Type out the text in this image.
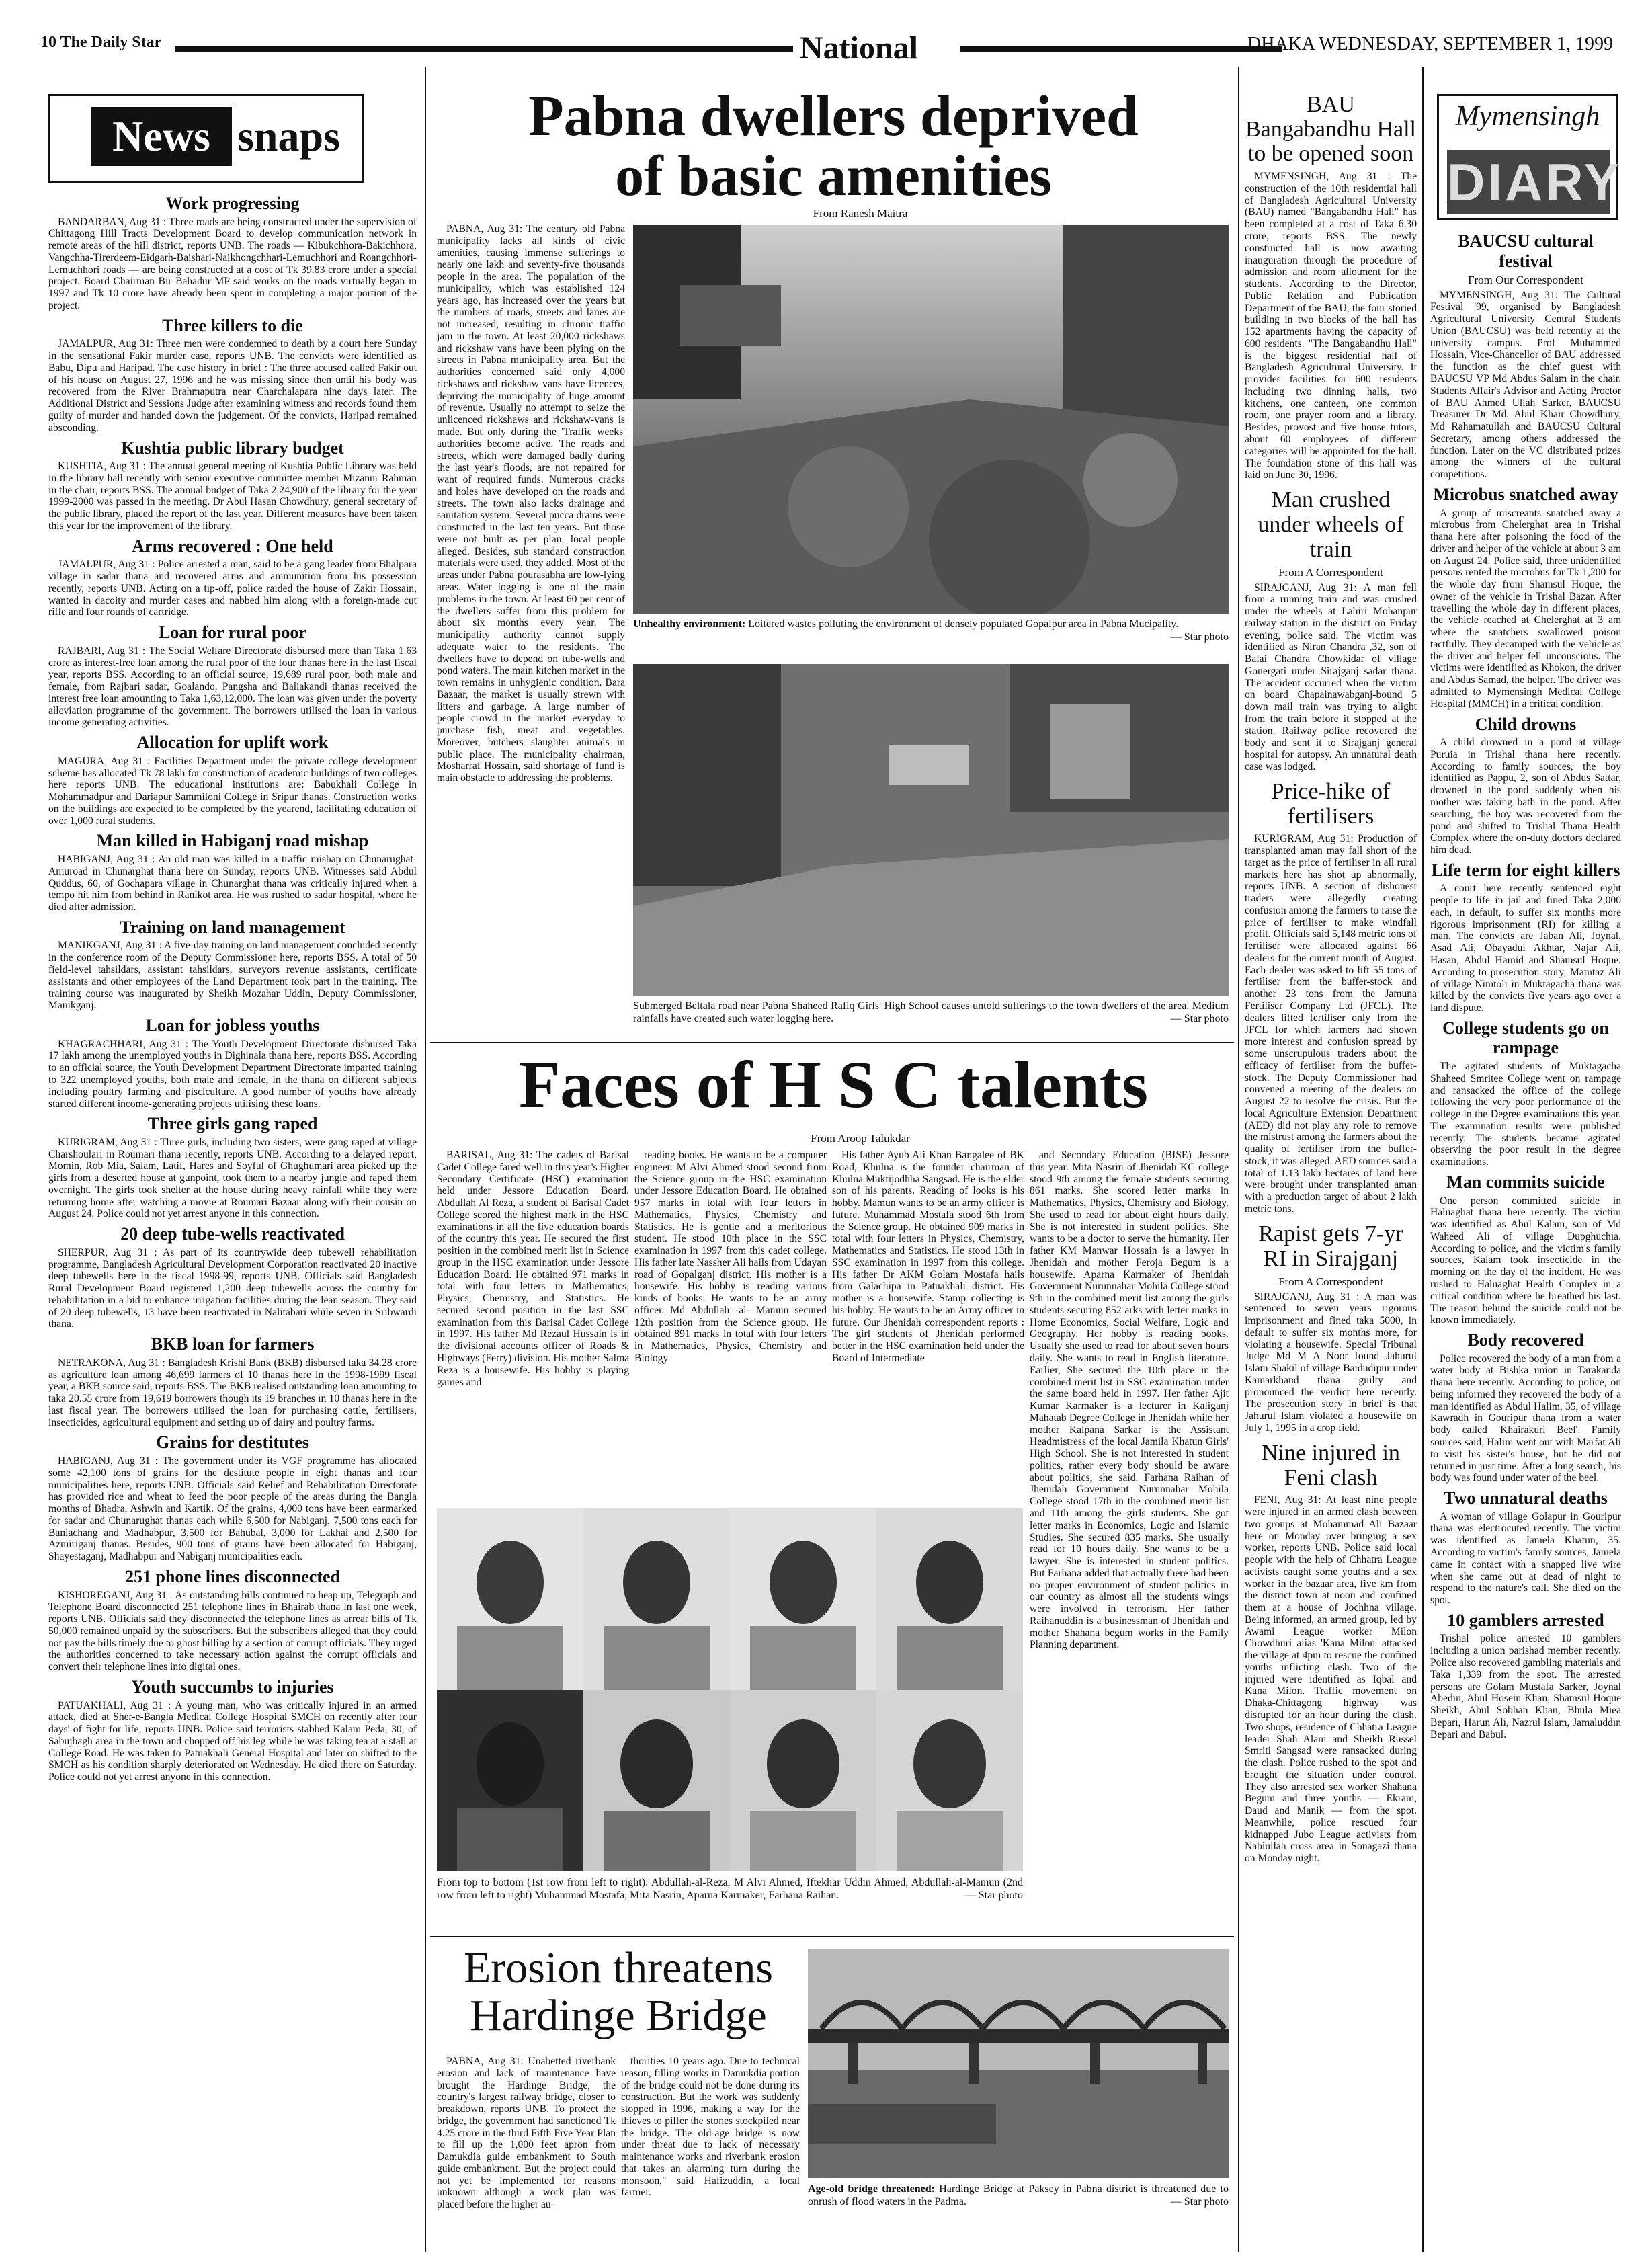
10 The Daily Star	National	DHAKA WEDNESDAY, SEPTEMBER 1, 1999
News snaps
Work progressing

BANDARBAN, Aug 31 : Three roads are being constructed under the supervision of Chittagong Hill Tracts Development Board to develop communication network in remote areas of the hill district, reports UNB. The roads — Kibukchhora-Bakichhora, Vangchha-Tirerdeem-Eidgarh-Baishari-Naikhongchhari-Lemuchhori and Roangchhori-Lemuchhori roads — are being constructed at a cost of Tk 39.83 crore under a special project. Board Chairman Bir Bahadur MP said works on the roads virtually began in 1997 and Tk 10 crore have already been spent in completing a major portion of the project.

Three killers to die

JAMALPUR, Aug 31: Three men were condemned to death by a court here Sunday in the sensational Fakir murder case, reports UNB. The convicts were identified as Babu, Dipu and Haripad. The case history in brief : The three accused called Fakir out of his house on August 27, 1996 and he was missing since then until his body was recovered from the River Brahmaputra near Charchalapara nine days later. The Additional District and Sessions Judge after examining witness and records found them guilty of murder and handed down the judgement. Of the convicts, Haripad remained absconding.

Kushtia public library budget

KUSHTIA, Aug 31 : The annual general meeting of Kushtia Public Library was held in the library hall recently with senior executive committee member Mizanur Rahman in the chair, reports BSS. The annual budget of Taka 2,24,900 of the library for the year 1999-2000 was passed in the meeting. Dr Abul Hasan Chowdhury, general secretary of the public library, placed the report of the last year. Different measures have been taken this year for the improvement of the library.

Arms recovered : One held

JAMALPUR, Aug 31 : Police arrested a man, said to be a gang leader from Bhalpara village in sadar thana and recovered arms and ammunition from his possession recently, reports UNB. Acting on a tip-off, police raided the house of Zakir Hossain, wanted in dacoity and murder cases and nabbed him along with a foreign-made cut rifle and four rounds of cartridge.

Loan for rural poor

RAJBARI, Aug 31 : The Social Welfare Directorate disbursed more than Taka 1.63 crore as interest-free loan among the rural poor of the four thanas here in the last fiscal year, reports BSS. According to an official source, 19,689 rural poor, both male and female, from Rajbari sadar, Goalando, Pangsha and Baliakandi thanas received the interest free loan amounting to Taka 1,63,12,000. The loan was given under the poverty alleviation programme of the government. The borrowers utilised the loan in various income generating activities.

Allocation for uplift work

MAGURA, Aug 31 : Facilities Department under the private college development scheme has allocated Tk 78 lakh for construction of academic buildings of two colleges here reports UNB. The educational institutions are: Babukhali College in Mohammadpur and Dariapur Sammiloni College in Sripur thanas. Construction works on the buildings are expected to be completed by the yearend, facilitating education of over 1,000 rural students.

Man killed in Habiganj road mishap

HABIGANJ, Aug 31 : An old man was killed in a traffic mishap on Chunarughat-Amuroad in Chunarghat thana here on Sunday, reports UNB. Witnesses said Abdul Quddus, 60, of Gochapara village in Chunarghat thana was critically injured when a tempo hit him from behind in Ranikot area. He was rushed to sadar hospital, where he died after admission.

Training on land management

MANIKGANJ, Aug 31 : A five-day training on land management concluded recently in the conference room of the Deputy Commissioner here, reports BSS. A total of 50 field-level tahsildars, assistant tahsildars, surveyors revenue assistants, certificate assistants and other employees of the Land Department took part in the training. The training course was inaugurated by Sheikh Mozahar Uddin, Deputy Commissioner, Manikganj.

Loan for jobless youths

KHAGRACHHARI, Aug 31 : The Youth Development Directorate disbursed Taka 17 lakh among the unemployed youths in Dighinala thana here, reports BSS. According to an official source, the Youth Development Department Directorate imparted training to 322 unemployed youths, both male and female, in the thana on different subjects including poultry farming and pisciculture. A good number of youths have already started different income-generating projects utilising these loans.

Three girls gang raped

KURIGRAM, Aug 31 : Three girls, including two sisters, were gang raped at village Charshoulari in Roumari thana recently, reports UNB. According to a delayed report, Momin, Rob Mia, Salam, Latif, Hares and Soyful of Ghughumari area picked up the girls from a deserted house at gunpoint, took them to a nearby jungle and raped them overnight. The girls took shelter at the house during heavy rainfall while they were returning home after watching a movie at Roumari Bazaar along with their cousin on August 24. Police could not yet arrest anyone in this connection.

20 deep tube-wells reactivated

SHERPUR, Aug 31 : As part of its countrywide deep tubewell rehabilitation programme, Bangladesh Agricultural Development Corporation reactivated 20 inactive deep tubewells here in the fiscal 1998-99, reports UNB. Officials said Bangladesh Rural Development Board registered 1,200 deep tubewells across the country for rehabilitation in a bid to enhance irrigation facilities during the lean season. They said of 20 deep tubewells, 13 have been reactivated in Nalitabari while seven in Sribwardi thana.

BKB loan for farmers

NETRAKONA, Aug 31 : Bangladesh Krishi Bank (BKB) disbursed taka 34.28 crore as agriculture loan among 46,699 farmers of 10 thanas here in the 1998-1999 fiscal year, a BKB source said, reports BSS. The BKB realised outstanding loan amounting to taka 20.55 crore from 19,619 borrowers though its 19 branches in 10 thanas here in the last fiscal year. The borrowers utilised the loan for purchasing cattle, fertilisers, insecticides, agricultural equipment and setting up of dairy and poultry farms.

Grains for destitutes

HABIGANJ, Aug 31 : The government under its VGF programme has allocated some 42,100 tons of grains for the destitute people in eight thanas and four municipalities here, reports UNB. Officials said Relief and Rehabilitation Directorate has provided rice and wheat to feed the poor people of the areas during the Bangla months of Bhadra, Ashwin and Kartik. Of the grains, 4,000 tons have been earmarked for sadar and Chunarughat thanas each while 6,500 for Nabiganj, 7,500 tons each for Baniachang and Madhabpur, 3,500 for Bahubal, 3,000 for Lakhai and 2,500 for Azmiriganj thanas. Besides, 900 tons of grains have been allocated for Habiganj, Shayestaganj, Madhabpur and Nabiganj municipalities each.

251 phone lines disconnected

KISHOREGANJ, Aug 31 : As outstanding bills continued to heap up, Telegraph and Telephone Board disconnected 251 telephone lines in Bhairab thana in last one week, reports UNB. Officials said they disconnected the telephone lines as arrear bills of Tk 50,000 remained unpaid by the subscribers. But the subscribers alleged that they could not pay the bills timely due to ghost billing by a section of corrupt officials. They urged the authorities concerned to take necessary action against the corrupt officials and convert their telephone lines into digital ones.

Youth succumbs to injuries

PATUAKHALI, Aug 31 : A young man, who was critically injured in an armed attack, died at Sher-e-Bangla Medical College Hospital SMCH on recently after four days' of fight for life, reports UNB. Police said terrorists stabbed Kalam Peda, 30, of Sabujbagh area in the town and chopped off his leg while he was taking tea at a stall at College Road. He was taken to Patuakhali General Hospital and later on shifted to the SMCH as his condition sharply deteriorated on Wednesday. He died there on Saturday. Police could not yet arrest anyone in this connection.

Pabna dwellers deprived
of basic amenities
From Ranesh Maitra

PABNA, Aug 31: The century old Pabna municipality lacks all kinds of civic amenities, causing immense sufferings to nearly one lakh and seventy-five thousands people in the area. The population of the municipality, which was established 124 years ago, has increased over the years but the numbers of roads, streets and lanes are not increased, resulting in chronic traffic jam in the town. At least 20,000 rickshaws and rickshaw vans have been plying on the streets in Pabna municipality area. But the authorities concerned said only 4,000 rickshaws and rickshaw vans have licences, depriving the municipality of huge amount of revenue. Usually no attempt to seize the unlicenced rickshaws and rickshaw-vans is made. But only during the 'Traffic weeks' authorities become active. The roads and streets, which were damaged badly during the last year's floods, are not repaired for want of required funds. Numerous cracks and holes have developed on the roads and streets. The town also lacks drainage and sanitation system. Several pucca drains were constructed in the last ten years. But those were not built as per plan, local people alleged. Besides, sub standard construction materials were used, they added. Most of the areas under Pabna pourasabha are low-lying areas. Water logging is one of the main problems in the town. At least 60 per cent of the dwellers suffer from this problem for about six months every year. The municipality authority cannot supply adequate water to the residents. The dwellers have to depend on tube-wells and pond waters. The main kitchen market in the town remains in unhygienic condition. Bara Bazaar, the market is usually strewn with litters and garbage. A large number of people crowd in the market everyday to purchase fish, meat and vegetables. Moreover, butchers slaughter animals in public place. The municipality chairman, Mosharraf Hossain, said shortage of fund is main obstacle to addressing the problems.

Unhealthy environment: Loitered wastes polluting the environment of densely populated Gopalpur area in Pabna Mucipality.
— Star photo
Submerged Beltala road near Pabna Shaheed Rafiq Girls' High School causes untold sufferings to the town dwellers of the area. Medium rainfalls have created such water logging here.	— Star photo
Faces of H S C talents
From Aroop Talukdar

BARISAL, Aug 31: The cadets of Barisal Cadet College fared well in this year's Higher Secondary Certificate (HSC) examination held under Jessore Education Board. Abdullah Al Reza, a student of Barisal Cadet College scored the highest mark in the HSC examinations in all the five education boards of the country this year. He secured the first position in the combined merit list in Science group in the HSC examination under Jessore Education Board. He obtained 971 marks in total with four letters in Mathematics, Physics, Chemistry, and Statistics. He secured second position in the last SSC examination from this Barisal Cadet College in 1997. His father Md Rezaul Hussain is in the divisional accounts officer of Roads & Highways (Ferry) division. His mother Salma Reza is a housewife. His hobby is playing games and

reading books. He wants to be a computer engineer. M Alvi Ahmed stood second from the Science group in the HSC examination under Jessore Education Board. He obtained 957 marks in total with four letters in Mathematics, Physics, Chemistry and Statistics. He is gentle and a meritorious student. He stood 10th place in the SSC examination in 1997 from this cadet college. His father late Nassher Ali hails from Udayan road of Gopalganj district. His mother is a housewife. His hobby is reading various kinds of books. He wants to be an army officer. Md Abdullah -al- Mamun secured 12th position from the Science group. He obtained 891 marks in total with four letters in Mathematics, Physics, Chemistry and Biology

His father Ayub Ali Khan Bangalee of BK Road, Khulna is the founder chairman of Khulna Muktijodhha Sangsad. He is the elder son of his parents. Reading of looks is his hobby. Mamun wants to be an army officer is future. Muhammad Mostafa stood 6th from the Science group. He obtained 909 marks in total with four letters in Physics, Chemistry, Mathematics and Statistics. He stood 13th in SSC examination in 1997 from this college. His father Dr AKM Golam Mostafa hails from Galachipa in Patuakhali district. His mother is a housewife. Stamp collecting is his hobby. He wants to be an Army officer in future. Our Jhenidah correspondent reports : The girl students of Jhenidah performed better in the HSC examination held under the Board of Intermediate

and Secondary Education (BISE) Jessore this year. Mita Nasrin of Jhenidah KC college stood 9th among the female students securing 861 marks. She scored letter marks in Mathematics, Physics, Chemistry and Biology. She used to read for about eight hours daily. She is not interested in student politics. She wants to be a doctor to serve the humanity. Her father KM Manwar Hossain is a lawyer in Jhenidah and mother Feroja Begum is a housewife. Aparna Karmaker of Jhenidah Government Nurunnahar Mohila College stood 9th in the combined merit list among the girls students securing 852 arks with letter marks in Home Economics, Social Welfare, Logic and Geography. Her hobby is reading books. Usually she used to read for about seven hours daily. She wants to read in English literature. Earlier, She secured the 10th place in the combined merit list in SSC examination under the same board held in 1997. Her father Ajit Kumar Karmaker is a lecturer in Kaliganj Mahatab Degree College in Jhenidah while her mother Kalpana Sarkar is the Assistant Headmistress of the local Jamila Khatun Girls' High School. She is not interested in student politics, rather every body should be aware about politics, she said. Farhana Raihan of Jhenidah Government Nurunnahar Mohila College stood 17th in the combined merit list and 11th among the girls students. She got letter marks in Economics, Logic and Islamic Studies. She secured 835 marks. She usually read for 10 hours daily. She wants to be a lawyer. She is interested in student politics. But Farhana added that actually there had been no proper environment of student politics in our country as almost all the students wings were involved in terrorism. Her father Raihanuddin is a businessman of Jhenidah and mother Shahana begum works in the Family Planning department.

From top to bottom (1st row from left to right): Abdullah-al-Reza, M Alvi Ahmed, Iftekhar Uddin Ahmed, Abdullah-al-Mamun (2nd row from left to right) Muhammad Mostafa, Mita Nasrin, Aparna Karmaker, Farhana Raihan.	— Star photo
Erosion threatens
Hardinge Bridge

PABNA, Aug 31: Unabetted riverbank erosion and lack of maintenance have brought the Hardinge Bridge, the country's largest railway bridge, closer to breakdown, reports UNB. To protect the bridge, the government had sanctioned Tk 4.25 crore in the third Fifth Five Year Plan to fill up the 1,000 feet apron from Damukdia guide embankment to South guide embankment. But the project could not yet be implemented for reasons unknown although a work plan was placed before the higher au-

thorities 10 years ago. Due to technical reason, filling works in Damukdia portion of the bridge could not be done during its construction. But the work was suddenly stopped in 1996, making a way for the thieves to pilfer the stones stockpiled near the bridge. The old-age bridge is now under threat due to lack of necessary maintenance works and riverbank erosion that takes an alarming turn during the monsoon," said Hafizuddin, a local farmer.	Age-old bridge threatened: Hardinge Bridge at Paksey in Pabna district is threatened due to onrush of flood waters in the Padma.	— Star photo
BAU Bangabandhu Hall to be opened soon

MYMENSINGH, Aug 31 : The construction of the 10th residential hall of Bangladesh Agricultural University (BAU) named "Bangabandhu Hall" has been completed at a cost of Taka 6.30 crore, reports BSS. The newly constructed hall is now awaiting inauguration through the procedure of admission and room allotment for the students. According to the Director, Public Relation and Publication Department of the BAU, the four storied building in two blocks of the hall has 152 apartments having the capacity of 600 residents. "The Bangabandhu Hall" is the biggest residential hall of Bangladesh Agricultural University. It provides facilities for 600 residents including two dinning halls, two kitchens, one canteen, one common room, one prayer room and a library. Besides, provost and five house tutors, about 60 employees of different categories will be appointed for the hall. The foundation stone of this hall was laid on June 30, 1996.

Man crushed under wheels of train
From A Correspondent

SIRAJGANJ, Aug 31: A man fell from a running train and was crushed under the wheels at Lahiri Mohanpur railway station in the district on Friday evening, police said. The victim was identified as Niran Chandra ,32, son of Balai Chandra Chowkidar of village Gonergati under Sirajganj sadar thana. The accident occurred when the victim on board Chapainawabganj-bound 5 down mail train was trying to alight from the train before it stopped at the station. Railway police recovered the body and sent it to Sirajganj general hospital for autopsy. An unnatural death case was lodged.

Price-hike of fertilisers

KURIGRAM, Aug 31: Production of transplanted aman may fall short of the target as the price of fertiliser in all rural markets here has shot up abnormally, reports UNB. A section of dishonest traders were allegedly creating confusion among the farmers to raise the price of fertiliser to make windfall profit. Officials said 5,148 metric tons of fertiliser were allocated against 66 dealers for the current month of August. Each dealer was asked to lift 55 tons of fertiliser from the buffer-stock and another 23 tons from the Jamuna Fertiliser Company Ltd (JFCL). The dealers lifted fertiliser only from the JFCL for which farmers had shown more interest and confusion spread by some unscrupulous traders about the efficacy of fertiliser from the buffer-stock. The Deputy Commissioner had convened a meeting of the dealers on August 22 to resolve the crisis. But the local Agriculture Extension Department (AED) did not play any role to remove the mistrust among the farmers about the quality of fertiliser from the buffer-stock, it was alleged. AED sources said a total of 1.13 lakh hectares of land here were brought under transplanted aman with a production target of about 2 lakh metric tons.

Rapist gets 7-yr RI in Sirajganj
From A Correspondent

SIRAJGANJ, Aug 31 : A man was sentenced to seven years rigorous imprisonment and fined taka 5000, in default to suffer six months more, for violating a housewife. Special Tribunal Judge Md M A Noor found Jahurul Islam Shakil of village Baidudipur under Kamarkhand thana guilty and pronounced the verdict here recently. The prosecution story in brief is that Jahurul Islam violated a housewife on July 1, 1995 in a crop field.

Nine injured in Feni clash

FENI, Aug 31: At least nine people were injured in an armed clash between two groups at Mohammad Ali Bazaar here on Monday over bringing a sex worker, reports UNB. Police said local people with the help of Chhatra League activists caught some youths and a sex worker in the bazaar area, five km from the district town at noon and confined them at a house of Jochhna village. Being informed, an armed group, led by Awami League worker Milon Chowdhuri alias 'Kana Milon' attacked the village at 4pm to rescue the confined youths inflicting clash. Two of the injured were identified as Iqbal and Kana Milon. Traffic movement on Dhaka-Chittagong highway was disrupted for an hour during the clash. Two shops, residence of Chhatra League leader Shah Alam and Sheikh Russel Smriti Sangsad were ransacked during the clash. Police rushed to the spot and brought the situation under control. They also arrested sex worker Shahana Begum and three youths — Ekram, Daud and Manik — from the spot. Meanwhile, police rescued four kidnapped Jubo League activists from Nabiullah cross area in Sonagazi thana on Monday night.

Mymensingh
DIARY
BAUCSU cultural festival
From Our Correspondent

MYMENSINGH, Aug 31: The Cultural Festival '99, organised by Bangladesh Agricultural University Central Students Union (BAUCSU) was held recently at the university campus. Prof Muhammed Hossain, Vice-Chancellor of BAU addressed the function as the chief guest with BAUCSU VP Md Abdus Salam in the chair. Students Affair's Advisor and Acting Proctor of BAU Ahmed Ullah Sarker, BAUCSU Treasurer Dr Md. Abul Khair Chowdhury, Md Rahamatullah and BAUCSU Cultural Secretary, among others addressed the function. Later on the VC distributed prizes among the winners of the cultural competitions.

Microbus snatched away

A group of miscreants snatched away a microbus from Chelerghat area in Trishal thana here after poisoning the food of the driver and helper of the vehicle at about 3 am on August 24. Police said, three unidentified persons rented the microbus for Tk 1,200 for the whole day from Shamsul Hoque, the owner of the vehicle in Trishal Bazar. After travelling the whole day in different places, the vehicle reached at Chelerghat at 3 am where the snatchers swallowed poison tactfully. They decamped with the vehicle as the driver and helper fell unconscious. The victims were identified as Khokon, the driver and Abdus Samad, the helper. The driver was admitted to Mymensingh Medical College Hospital (MMCH) in a critical condition.

Child drowns

A child drowned in a pond at village Puruia in Trishal thana here recently. According to family sources, the boy identified as Pappu, 2, son of Abdus Sattar, drowned in the pond suddenly when his mother was taking bath in the pond. After searching, the boy was recovered from the pond and shifted to Trishal Thana Health Complex where the on-duty doctors declared him dead.

Life term for eight killers

A court here recently sentenced eight people to life in jail and fined Taka 2,000 each, in default, to suffer six months more rigorous imprisonment (RI) for killing a man. The convicts are Jaban Ali, Joynal, Asad Ali, Obayadul Akhtar, Najar Ali, Hasan, Abdul Hamid and Shamsul Hoque. According to prosecution story, Mamtaz Ali of village Nimtoli in Muktagacha thana was killed by the convicts five years ago over a land dispute.

College students go on rampage

The agitated students of Muktagacha Shaheed Smritee College went on rampage and ransacked the office of the college following the very poor performance of the college in the Degree examinations this year. The examination results were published recently. The students became agitated observing the poor result in the degree examinations.

Man commits suicide

One person committed suicide in Haluaghat thana here recently. The victim was identified as Abul Kalam, son of Md Waheed Ali of village Dupghuchia. According to police, and the victim's family sources, Kalam took insecticide in the morning on the day of the incident. He was rushed to Haluaghat Health Complex in a critical condition where he breathed his last. The reason behind the suicide could not be known immediately.

Body recovered

Police recovered the body of a man from a water body at Bishka union in Tarakanda thana here recently. According to police, on being informed they recovered the body of a man identified as Abdul Halim, 35, of village Kawradh in Gouripur thana from a water body called 'Khairakuri Beel'. Family sources said, Halim went out with Marfat Ali to visit his sister's house, but he did not returned in just time. After a long search, his body was found under water of the beel.

Two unnatural deaths

A woman of village Golapur in Gouripur thana was electrocuted recently. The victim was identified as Jamela Khatun, 35. According to victim's family sources, Jamela came in contact with a snapped live wire when she came out at dead of night to respond to the nature's call. She died on the spot.

10 gamblers arrested

Trishal police arrested 10 gamblers including a union parishad member recently. Police also recovered gambling materials and Taka 1,339 from the spot. The arrested persons are Golam Mustafa Sarker, Joynal Abedin, Abul Hosein Khan, Shamsul Hoque Sheikh, Abul Sobhan Khan, Bhula Miea Bepari, Harun Ali, Nazrul Islam, Jamaluddin Bepari and Babul.
